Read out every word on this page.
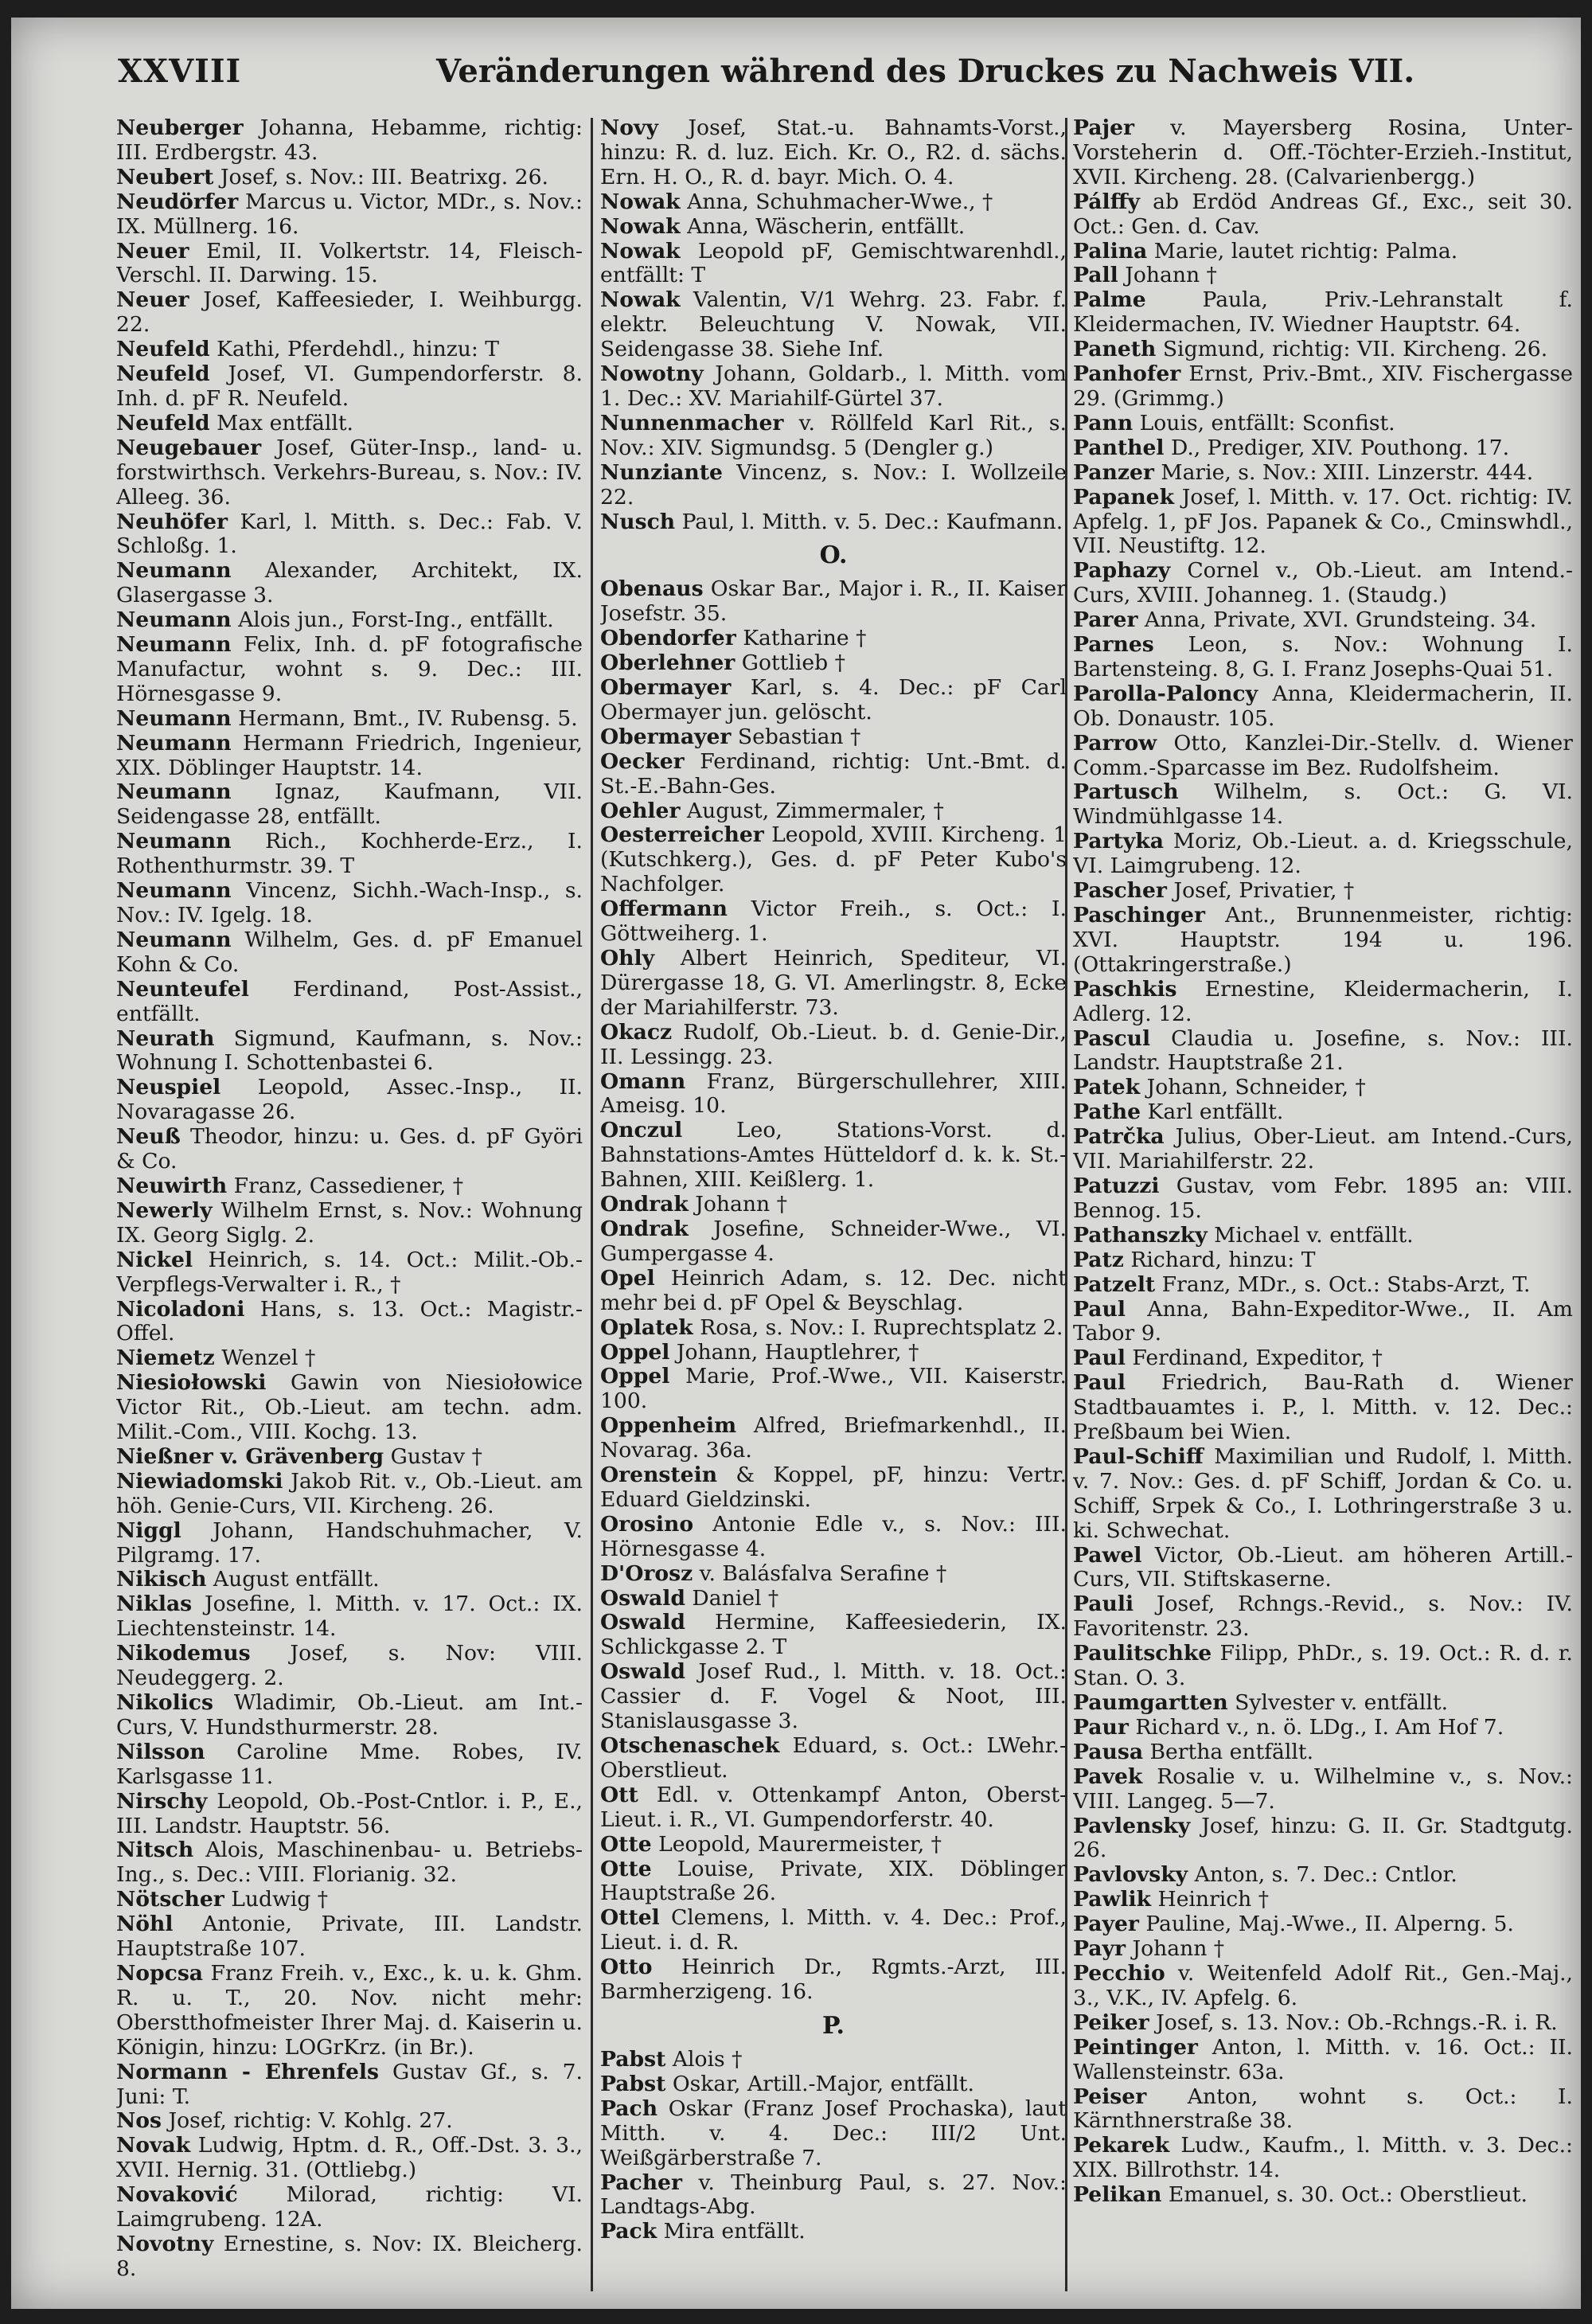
XXVIII	Veränderungen während des Druckes zu Nachweis VII.

Neuberger Johanna, Hebamme, richtig: III. Erdbergstr. 43.

Neubert Josef, s. Nov.: III. Beatrixg. 26.

Neudörfer Marcus u. Victor, MDr., s. Nov.: IX. Müllnerg. 16.

Neuer Emil, II. Volkertstr. 14, Fleisch-Verschl. II. Darwing. 15.

Neuer Josef, Kaffeesieder, I. Weihburgg. 22.

Neufeld Kathi, Pferdehdl., hinzu: T

Neufeld Josef, VI. Gumpendorferstr. 8. Inh. d. pF R. Neufeld.

Neufeld Max entfällt.

Neugebauer Josef, Güter-Insp., land- u. forstwirthsch. Verkehrs-Bureau, s. Nov.: IV. Alleeg. 36.

Neuhöfer Karl, l. Mitth. s. Dec.: Fab. V. Schloßg. 1.

Neumann Alexander, Architekt, IX. Glasergasse 3.

Neumann Alois jun., Forst-Ing., entfällt.

Neumann Felix, Inh. d. pF fotografische Manufactur, wohnt s. 9. Dec.: III. Hörnesgasse 9.

Neumann Hermann, Bmt., IV. Rubensg. 5.

Neumann Hermann Friedrich, Ingenieur, XIX. Döblinger Hauptstr. 14.

Neumann Ignaz, Kaufmann, VII. Seidengasse 28, entfällt.

Neumann Rich., Kochherde-Erz., I. Rothenthurmstr. 39. T

Neumann Vincenz, Sichh.-Wach-Insp., s. Nov.: IV. Igelg. 18.

Neumann Wilhelm, Ges. d. pF Emanuel Kohn & Co.

Neunteufel Ferdinand, Post-Assist., entfällt.

Neurath Sigmund, Kaufmann, s. Nov.: Wohnung I. Schottenbastei 6.

Neuspiel Leopold, Assec.-Insp., II. Novaragasse 26.

Neuß Theodor, hinzu: u. Ges. d. pF Györi & Co.

Neuwirth Franz, Cassediener, †

Newerly Wilhelm Ernst, s. Nov.: Wohnung IX. Georg Siglg. 2.

Nickel Heinrich, s. 14. Oct.: Milit.-Ob.-Verpflegs-Verwalter i. R., †

Nicoladoni Hans, s. 13. Oct.: Magistr.-Offel.

Niemetz Wenzel †

Niesiołowski Gawin von Niesiołowice Victor Rit., Ob.-Lieut. am techn. adm. Milit.-Com., VIII. Kochg. 13.

Nießner v. Grävenberg Gustav †

Niewiadomski Jakob Rit. v., Ob.-Lieut. am höh. Genie-Curs, VII. Kircheng. 26.

Niggl Johann, Handschuhmacher, V. Pilgramg. 17.

Nikisch August entfällt.

Niklas Josefine, l. Mitth. v. 17. Oct.: IX. Liechtensteinstr. 14.

Nikodemus Josef, s. Nov: VIII. Neudeggerg. 2.

Nikolics Wladimir, Ob.-Lieut. am Int.-Curs, V. Hundsthurmerstr. 28.

Nilsson Caroline Mme. Robes, IV. Karlsgasse 11.

Nirschy Leopold, Ob.-Post-Cntlor. i. P., E., III. Landstr. Hauptstr. 56.

Nitsch Alois, Maschinenbau- u. Betriebs-Ing., s. Dec.: VIII. Florianig. 32.

Nötscher Ludwig †

Nöhl Antonie, Private, III. Landstr. Hauptstraße 107.

Nopcsa Franz Freih. v., Exc., k. u. k. Ghm. R. u. T., 20. Nov. nicht mehr: Oberstthofmeister Ihrer Maj. d. Kaiserin u. Königin, hinzu: LOGrKrz. (in Br.).

Normann - Ehrenfels Gustav Gf., s. 7. Juni: T.

Nos Josef, richtig: V. Kohlg. 27.

Novak Ludwig, Hptm. d. R., Off.-Dst. 3. 3., XVII. Hernig. 31. (Ottliebg.)

Novaković Milorad, richtig: VI. Laimgrubeng. 12A.

Novotny Ernestine, s. Nov: IX. Bleicherg. 8.

Novy Josef, Stat.-u. Bahnamts-Vorst., hinzu: R. d. luz. Eich. Kr. O., R2. d. sächs. Ern. H. O., R. d. bayr. Mich. O. 4.

Nowak Anna, Schuhmacher-Wwe., †

Nowak Anna, Wäscherin, entfällt.

Nowak Leopold pF, Gemischtwarenhdl., entfällt: T

Nowak Valentin, V/1 Wehrg. 23. Fabr. f. elektr. Beleuchtung V. Nowak, VII. Seidengasse 38. Siehe Inf.

Nowotny Johann, Goldarb., l. Mitth. vom 1. Dec.: XV. Mariahilf-Gürtel 37.

Nunnenmacher v. Röllfeld Karl Rit., s. Nov.: XIV. Sigmundsg. 5 (Dengler g.)

Nunziante Vincenz, s. Nov.: I. Wollzeile 22.

Nusch Paul, l. Mitth. v. 5. Dec.: Kaufmann.

O.

Obenaus Oskar Bar., Major i. R., II. Kaiser Josefstr. 35.

Obendorfer Katharine †

Oberlehner Gottlieb †

Obermayer Karl, s. 4. Dec.: pF Carl Obermayer jun. gelöscht.

Obermayer Sebastian †

Oecker Ferdinand, richtig: Unt.-Bmt. d. St.-E.-Bahn-Ges.

Oehler August, Zimmermaler, †

Oesterreicher Leopold, XVIII. Kircheng. 1 (Kutschkerg.), Ges. d. pF Peter Kubo's Nachfolger.

Offermann Victor Freih., s. Oct.: I. Göttweiherg. 1.

Ohly Albert Heinrich, Spediteur, VI. Dürergasse 18, G. VI. Amerlingstr. 8, Ecke der Mariahilferstr. 73.

Okacz Rudolf, Ob.-Lieut. b. d. Genie-Dir., II. Lessingg. 23.

Omann Franz, Bürgerschullehrer, XIII. Ameisg. 10.

Onczul Leo, Stations-Vorst. d. Bahnstations-Amtes Hütteldorf d. k. k. St.-Bahnen, XIII. Keißlerg. 1.

Ondrak Johann †

Ondrak Josefine, Schneider-Wwe., VI. Gumpergasse 4.

Opel Heinrich Adam, s. 12. Dec. nicht mehr bei d. pF Opel & Beyschlag.

Oplatek Rosa, s. Nov.: I. Ruprechtsplatz 2.

Oppel Johann, Hauptlehrer, †

Oppel Marie, Prof.-Wwe., VII. Kaiserstr. 100.

Oppenheim Alfred, Briefmarkenhdl., II. Novarag. 36a.

Orenstein & Koppel, pF, hinzu: Vertr. Eduard Gieldzinski.

Orosino Antonie Edle v., s. Nov.: III. Hörnesgasse 4.

D'Orosz v. Balásfalva Serafine †

Oswald Daniel †

Oswald Hermine, Kaffeesiederin, IX. Schlickgasse 2. T

Oswald Josef Rud., l. Mitth. v. 18. Oct.: Cassier d. F. Vogel & Noot, III. Stanislausgasse 3.

Otschenaschek Eduard, s. Oct.: LWehr.-Oberstlieut.

Ott Edl. v. Ottenkampf Anton, Oberst-Lieut. i. R., VI. Gumpendorferstr. 40.

Otte Leopold, Maurermeister, †

Otte Louise, Private, XIX. Döblinger Hauptstraße 26.

Ottel Clemens, l. Mitth. v. 4. Dec.: Prof., Lieut. i. d. R.

Otto Heinrich Dr., Rgmts.-Arzt, III. Barmherzigeng. 16.

P.

Pabst Alois †

Pabst Oskar, Artill.-Major, entfällt.

Pach Oskar (Franz Josef Prochaska), laut Mitth. v. 4. Dec.: III/2 Unt. Weißgärberstraße 7.

Pacher v. Theinburg Paul, s. 27. Nov.: Landtags-Abg.

Pack Mira entfällt.

Pajer v. Mayersberg Rosina, Unter-Vorsteherin d. Off.-Töchter-Erzieh.-Institut, XVII. Kircheng. 28. (Calvarienbergg.)

Pálffy ab Erdöd Andreas Gf., Exc., seit 30. Oct.: Gen. d. Cav.

Palina Marie, lautet richtig: Palma.

Pall Johann †

Palme Paula, Priv.-Lehranstalt f. Kleidermachen, IV. Wiedner Hauptstr. 64.

Paneth Sigmund, richtig: VII. Kircheng. 26.

Panhofer Ernst, Priv.-Bmt., XIV. Fischergasse 29. (Grimmg.)

Pann Louis, entfällt: Sconfist.

Panthel D., Prediger, XIV. Pouthong. 17.

Panzer Marie, s. Nov.: XIII. Linzerstr. 444.

Papanek Josef, l. Mitth. v. 17. Oct. richtig: IV. Apfelg. 1, pF Jos. Papanek & Co., Cminswhdl., VII. Neustiftg. 12.

Paphazy Cornel v., Ob.-Lieut. am Intend.-Curs, XVIII. Johanneg. 1. (Staudg.)

Parer Anna, Private, XVI. Grundsteing. 34.

Parnes Leon, s. Nov.: Wohnung I. Bartensteing. 8, G. I. Franz Josephs-Quai 51.

Parolla-Paloncy Anna, Kleidermacherin, II. Ob. Donaustr. 105.

Parrow Otto, Kanzlei-Dir.-Stellv. d. Wiener Comm.-Sparcasse im Bez. Rudolfsheim.

Partusch Wilhelm, s. Oct.: G. VI. Windmühlgasse 14.

Partyka Moriz, Ob.-Lieut. a. d. Kriegsschule, VI. Laimgrubeng. 12.

Pascher Josef, Privatier, †

Paschinger Ant., Brunnenmeister, richtig: XVI. Hauptstr. 194 u. 196. (Ottakringerstraße.)

Paschkis Ernestine, Kleidermacherin, I. Adlerg. 12.

Pascul Claudia u. Josefine, s. Nov.: III. Landstr. Hauptstraße 21.

Patek Johann, Schneider, †

Pathe Karl entfällt.

Patrčka Julius, Ober-Lieut. am Intend.-Curs, VII. Mariahilferstr. 22.

Patuzzi Gustav, vom Febr. 1895 an: VIII. Bennog. 15.

Pathanszky Michael v. entfällt.

Patz Richard, hinzu: T

Patzelt Franz, MDr., s. Oct.: Stabs-Arzt, T.

Paul Anna, Bahn-Expeditor-Wwe., II. Am Tabor 9.

Paul Ferdinand, Expeditor, †

Paul Friedrich, Bau-Rath d. Wiener Stadtbauamtes i. P., l. Mitth. v. 12. Dec.: Preßbaum bei Wien.

Paul-Schiff Maximilian und Rudolf, l. Mitth. v. 7. Nov.: Ges. d. pF Schiff, Jordan & Co. u. Schiff, Srpek & Co., I. Lothringerstraße 3 u. ki. Schwechat.

Pawel Victor, Ob.-Lieut. am höheren Artill.-Curs, VII. Stiftskaserne.

Pauli Josef, Rchngs.-Revid., s. Nov.: IV. Favoritenstr. 23.

Paulitschke Filipp, PhDr., s. 19. Oct.: R. d. r. Stan. O. 3.

Paumgartten Sylvester v. entfällt.

Paur Richard v., n. ö. LDg., I. Am Hof 7.

Pausa Bertha entfällt.

Pavek Rosalie v. u. Wilhelmine v., s. Nov.: VIII. Langeg. 5—7.

Pavlensky Josef, hinzu: G. II. Gr. Stadtgutg. 26.

Pavlovsky Anton, s. 7. Dec.: Cntlor.

Pawlik Heinrich †

Payer Pauline, Maj.-Wwe., II. Alperng. 5.

Payr Johann †

Pecchio v. Weitenfeld Adolf Rit., Gen.-Maj., 3., V.K., IV. Apfelg. 6.

Peiker Josef, s. 13. Nov.: Ob.-Rchngs.-R. i. R.

Peintinger Anton, l. Mitth. v. 16. Oct.: II. Wallensteinstr. 63a.

Peiser Anton, wohnt s. Oct.: I. Kärnthnerstraße 38.

Pekarek Ludw., Kaufm., l. Mitth. v. 3. Dec.: XIX. Billrothstr. 14.

Pelikan Emanuel, s. 30. Oct.: Oberstlieut.
